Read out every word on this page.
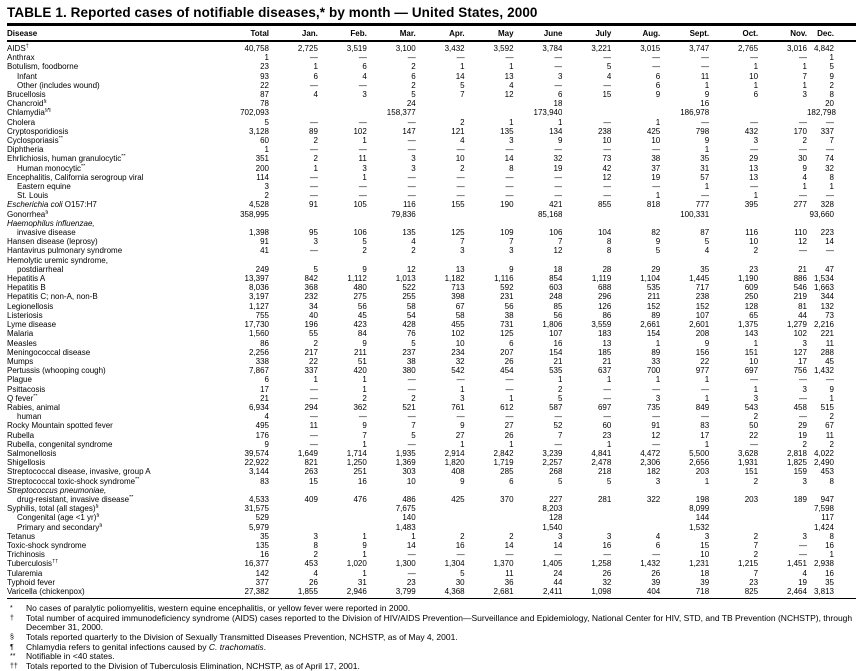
TABLE 1. Reported cases of notifiable diseases,* by month — United States, 2000
Disease	Total	Jan.	Feb.	Mar.	Apr.	May	June	July	Aug.	Sept.	Oct.	Nov.	Dec.
AIDS†	40,758	2,725	3,519	3,100	3,432	3,592	3,784	3,221	3,015	3,747	2,765	3,016	4,842
Anthrax	1	—	—	—	—	—	—	—	—	—	—	—	1
Botulism, foodborne	23	1	6	2	1	1	—	5	—	—	1	1	5
Infant	93	6	4	6	14	13	3	4	6	11	10	7	9
Other (includes wound)	22	—	—	2	5	4	—	—	6	1	1	1	2
Brucellosis	87	4	3	5	7	12	6	15	9	9	6	3	8
Chancroid§	78			24			18			16			20
Chlamydia§¶	702,093			158,377			173,940			186,978			182,798
Cholera	5	—	—	—	2	1	1	—	1	—	—	—	—
Cryptosporidiosis	3,128	89	102	147	121	135	134	238	425	798	432	170	337
Cyclosporiasis**	60	2	1	—	4	3	9	10	10	9	3	2	7
Diphtheria	1	—	—	—	—	—	—	—	—	1	—	—	—
Ehrlichiosis, human granulocytic**	351	2	11	3	10	14	32	73	38	35	29	30	74
Human monocytic**	200	1	3	3	2	8	19	42	37	31	13	9	32
Encephalitis, California serogroup viral	114	—	1	—	—	—	—	12	19	57	13	4	8
Eastern equine	3	—	—	—	—	—	—	—	—	1	—	1	1
St. Louis	2	—	—	—	—	—	—	—	1	—	1	—	—
Escherichia coli O157:H7	4,528	91	105	116	155	190	421	855	818	777	395	277	328
Gonorrhea§	358,995			79,836			85,168			100,331			93,660
Haemophilus influenzae,													
invasive disease	1,398	95	106	135	125	109	106	104	82	87	116	110	223
Hansen disease (leprosy)	91	3	5	4	7	7	7	8	9	5	10	12	14
Hantavirus pulmonary syndrome	41	—	2	2	3	3	12	8	5	4	2	—	—
Hemolytic uremic syndrome,													
postdiarrheal	249	5	9	12	13	9	18	28	29	35	23	21	47
Hepatitis A	13,397	842	1,112	1,013	1,182	1,116	854	1,119	1,104	1,445	1,190	886	1,534
Hepatitis B	8,036	368	480	522	713	592	603	688	535	717	609	546	1,663
Hepatitis C; non-A, non-B	3,197	232	275	255	398	231	248	296	211	238	250	219	344
Legionellosis	1,127	34	56	58	67	56	85	126	152	152	128	81	132
Listeriosis	755	40	45	54	58	38	56	86	89	107	65	44	73
Lyme disease	17,730	196	423	428	455	731	1,806	3,559	2,661	2,601	1,375	1,279	2,216
Malaria	1,560	55	84	76	102	125	107	183	154	208	143	102	221
Measles	86	2	9	5	10	6	16	13	1	9	1	3	11
Meningococcal disease	2,256	217	211	237	234	207	154	185	89	156	151	127	288
Mumps	338	22	51	38	32	26	21	21	33	22	10	17	45
Pertussis (whooping cough)	7,867	337	420	380	542	454	535	637	700	977	697	756	1,432
Plague	6	1	1	—	—	—	1	1	1	1	—	—	—
Psittacosis	17	—	1	—	1	—	2	—	—	—	1	3	9
Q fever**	21	—	2	2	3	1	5	—	3	1	3	—	1
Rabies, animal	6,934	294	362	521	761	612	587	697	735	849	543	458	515
human	4	—	—	—	—	—	—	—	—	—	2	—	2
Rocky Mountain spotted fever	495	11	9	7	9	27	52	60	91	83	50	29	67
Rubella	176	—	7	5	27	26	7	23	12	17	22	19	11
Rubella, congenital syndrome	9	—	1	—	1	1	—	1	—	1	—	2	2
Salmonellosis	39,574	1,649	1,714	1,935	2,914	2,842	3,239	4,841	4,472	5,500	3,628	2,818	4,022
Shigellosis	22,922	821	1,250	1,369	1,820	1,719	2,257	2,478	2,306	2,656	1,931	1,825	2,490
Streptococcal disease, invasive, group A	3,144	263	251	303	408	285	268	218	182	203	151	159	453
Streptococcal toxic-shock syndrome**	83	15	16	10	9	6	5	5	3	1	2	3	8
Streptococcus pneumoniae,													
drug-resistant, invasive disease**	4,533	409	476	486	425	370	227	281	322	198	203	189	947
Syphilis, total (all stages)§	31,575			7,675			8,203			8,099			7,598
Congenital (age <1 yr)§	529			140			128			144			117
Primary and secondary§	5,979			1,483			1,540			1,532			1,424
Tetanus	35	3	1	1	2	2	3	3	4	3	2	3	8
Toxic-shock syndrome	135	8	9	14	16	14	14	16	6	15	7	—	16
Trichinosis	16	2	1	—	—	—	—	—	—	10	2	—	1
Tuberculosis††	16,377	453	1,020	1,300	1,304	1,370	1,405	1,258	1,432	1,231	1,215	1,451	2,938
Tularemia	142	4	1	—	5	11	24	26	26	18	7	4	16
Typhoid fever	377	26	31	23	30	36	44	32	39	39	23	19	35
Varicella (chickenpox)	27,382	1,855	2,946	3,799	4,368	2,681	2,411	1,098	404	718	825	2,464	3,813
* No cases of paralytic poliomyelitis, western equine encephalitis, or yellow fever were reported in 2000.
† Total number of acquired immunodeficiency syndrome (AIDS) cases reported to the Division of HIV/AIDS Prevention—Surveillance and Epidemiology, National Center for HIV, STD, and TB Prevention (NCHSTP), through December 31, 2000.
§ Totals reported quarterly to the Division of Sexually Transmitted Diseases Prevention, NCHSTP, as of May 4, 2001.
¶ Chlamydia refers to genital infections caused by C. trachomatis.
** Notifiable in <40 states.
†† Totals reported to the Division of Tuberculosis Elimination, NCHSTP, as of April 17, 2001.
